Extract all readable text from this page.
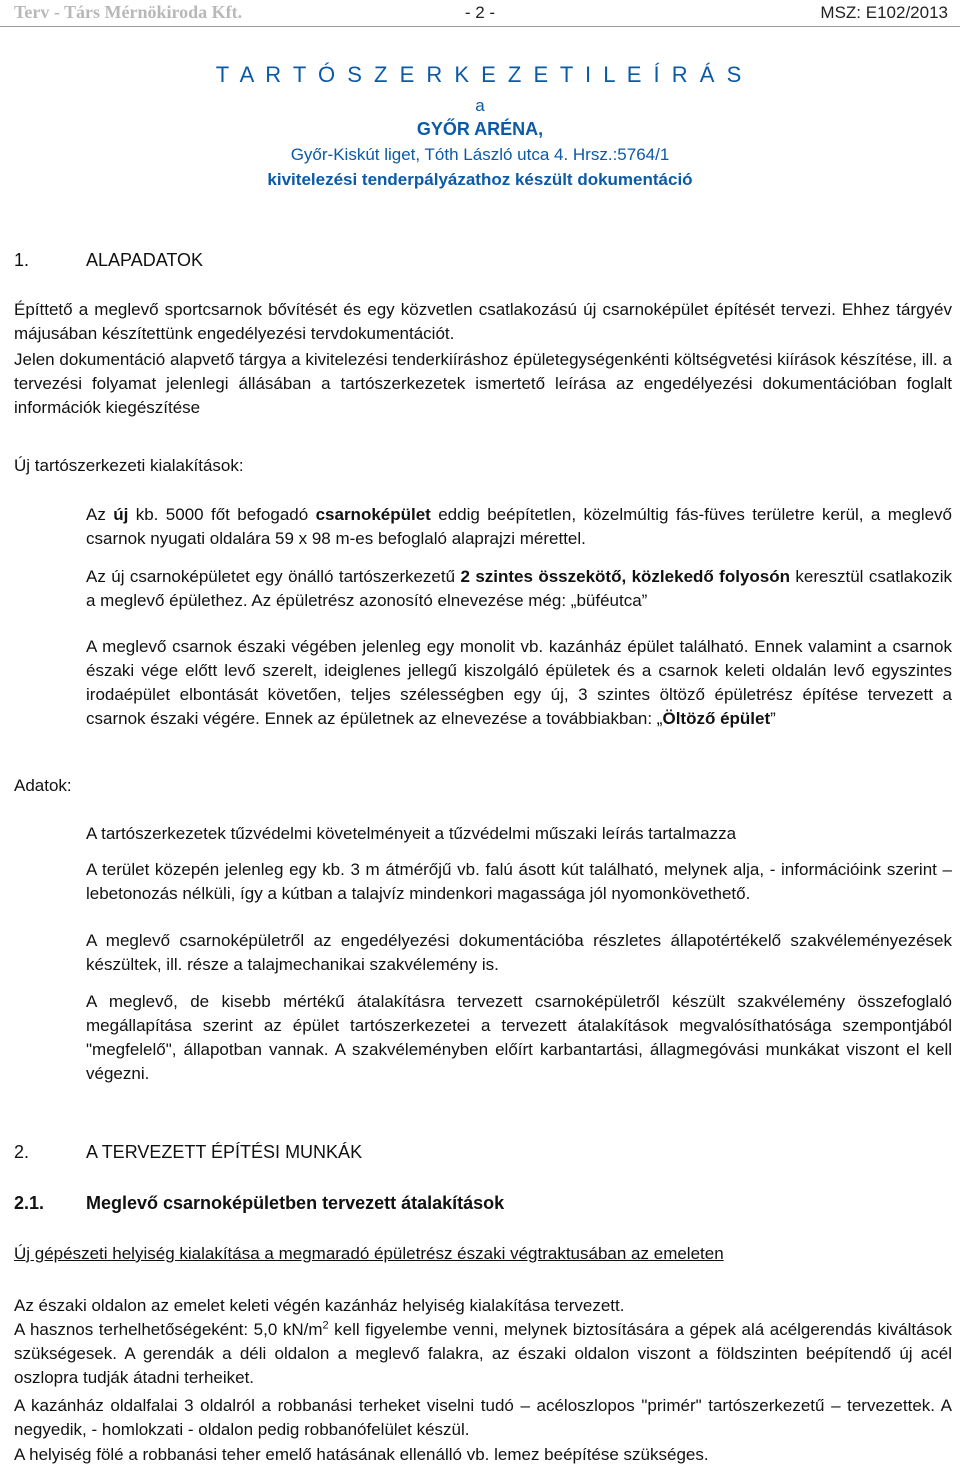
Terv - Társ Mérnökiroda Kft.	- 2 -	MSZ: E102/2013
T A R T Ó S Z E R K E Z E T I L E Í R Á S
a
GYŐR ARÉNA,
Győr-Kiskút liget, Tóth László utca 4. Hrsz.:5764/1
kivitelezési tenderpályázathoz készült dokumentáció
1.	ALAPADATOK
Építtető a meglevő sportcsarnok bővítését és egy közvetlen csatlakozású új csarnoképület építését tervezi. Ehhez tárgyév májusában készítettünk engedélyezési tervdokumentációt.
Jelen dokumentáció alapvető tárgya a kivitelezési tenderkiíráshoz épületegységenkénti költségvetési kiírások készítése, ill. a tervezési folyamat jelenlegi állásában a tartószerkezetek ismertető leírása az engedélyezési dokumentációban foglalt információk kiegészítése
Új tartószerkezeti kialakítások:
Az új kb. 5000 főt befogadó csarnoképület eddig beépítetlen, közelmúltig fás-füves területre kerül, a meglevő csarnok nyugati oldalára 59 x 98 m-es befoglaló alaprajzi mérettel.
Az új csarnoképületet egy önálló tartószerkezetű 2 szintes összekötő, közlekedő folyosón keresztül csatlakozik a meglevő épülethez. Az épületrész azonosító elnevezése még: „büféutca”
A meglevő csarnok északi végében jelenleg egy monolit vb. kazánház épület található. Ennek valamint a csarnok északi vége előtt levő szerelt, ideiglenes jellegű kiszolgáló épületek és a csarnok keleti oldalán levő egyszintes irodaépület elbontását követően, teljes szélességben egy új, 3 szintes öltöző épületrész építése tervezett a csarnok északi végére. Ennek az épületnek az elnevezése a továbbiakban: „Öltöző épület”
Adatok:
A tartószerkezetek tűzvédelmi követelményeit a tűzvédelmi műszaki leírás tartalmazza
A terület közepén jelenleg egy kb. 3 m átmérőjű vb. falú ásott kút található, melynek alja, - információink szerint – lebetonozás nélküli, így a kútban a talajvíz mindenkori magassága jól nyomonkövethető.
A meglevő csarnoképületről az engedélyezési dokumentációba részletes állapotértékelő szakvéleményezések készültek, ill. része a talajmechanikai szakvélemény is.
A meglevő, de kisebb mértékű átalakításra tervezett csarnoképületről készült szakvélemény összefoglaló megállapítása szerint az épület tartószerkezetei a tervezett átalakítások megvalósíthatósága szempontjából "megfelelő", állapotban vannak. A szakvéleményben előírt karbantartási, állagmegóvási munkákat viszont el kell végezni.
2.	A TERVEZETT ÉPÍTÉSI MUNKÁK
2.1. Meglevő csarnoképületben tervezett átalakítások
Új gépészeti helyiség kialakítása a megmaradó épületrész északi végtraktusában az emeleten
Az északi oldalon az emelet keleti végén kazánház helyiség kialakítása tervezett.
A hasznos terhelhetőségeként: 5,0 $kN/m^2$ kell figyelembe venni, melynek biztosítására a gépek alá acélgerendás kiváltások szükségesek. A gerendák a déli oldalon a meglevő falakra, az északi oldalon viszont a földszinten beépítendő új acél oszlopra tudják átadni terheiket.
A kazánház oldalfalai 3 oldalról a robbanási terheket viselni tudó – acéloszlopos "primér" tartószerkezetű – tervezettek. A negyedik, - homlokzati - oldalon pedig robbanófelület készül.
A helyiség fölé a robbanási teher emelő hatásának ellenálló vb. lemez beépítése szükséges.
